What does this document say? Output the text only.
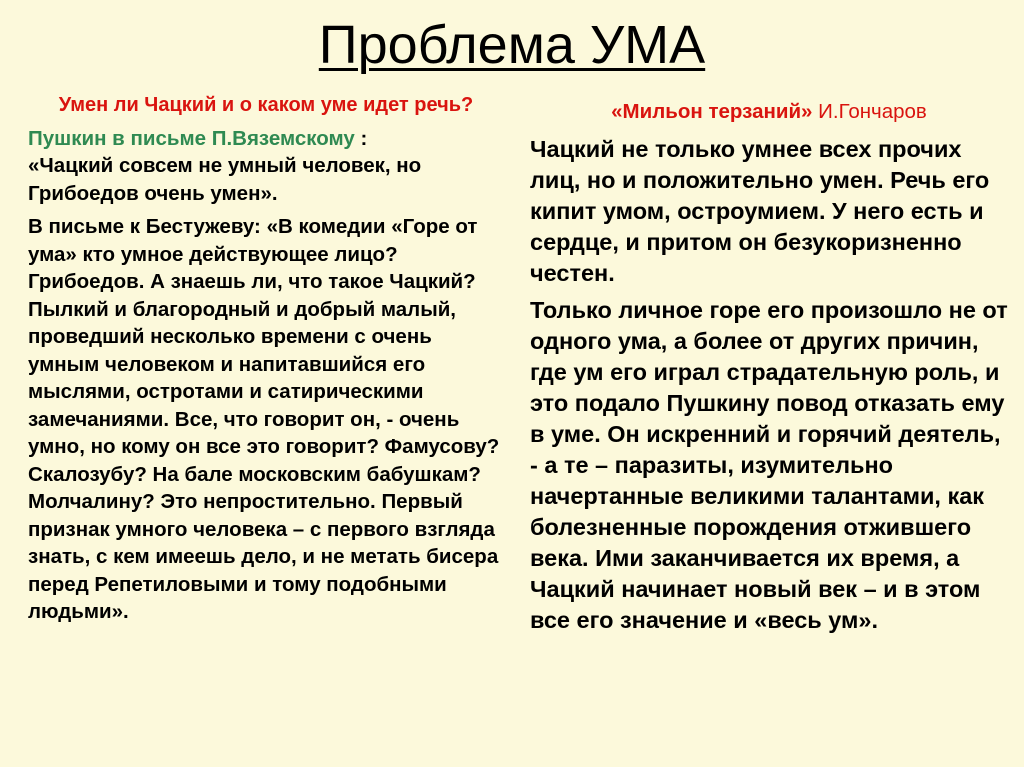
Проблема УМА

Умен ли Чацкий и о каком уме идет речь?

Пушкин в письме П.Вяземскому :
«Чацкий совсем не умный человек, но Грибоедов очень умен».

В письме к Бестужеву: «В комедии «Горе от ума» кто умное действующее лицо? Грибоедов. А знаешь ли, что такое Чацкий? Пылкий и благородный и добрый малый, проведший несколько времени с очень умным человеком и напитавшийся его мыслями, остротами и сатирическими замечаниями. Все, что говорит он, - очень умно, но кому он все это говорит? Фамусову? Скалозубу? На бале московским бабушкам? Молчалину? Это непростительно. Первый признак умного человека – с первого взгляда знать, с кем имеешь дело, и не метать бисера перед Репетиловыми и тому подобными людьми».

«Мильон терзаний» И.Гончаров

Чацкий не только умнее всех прочих лиц, но и положительно умен. Речь его кипит умом, остроумием. У него есть и сердце, и притом он безукоризненно честен.

Только личное горе его произошло не от одного ума, а более от других причин, где ум его играл страдательную роль, и это подало Пушкину повод отказать ему в уме. Он искренний и горячий деятель, - а те – паразиты, изумительно начертанные великими талантами, как болезненные порождения отжившего века. Ими заканчивается их время, а Чацкий начинает новый век – и в этом все его значение и «весь ум».
